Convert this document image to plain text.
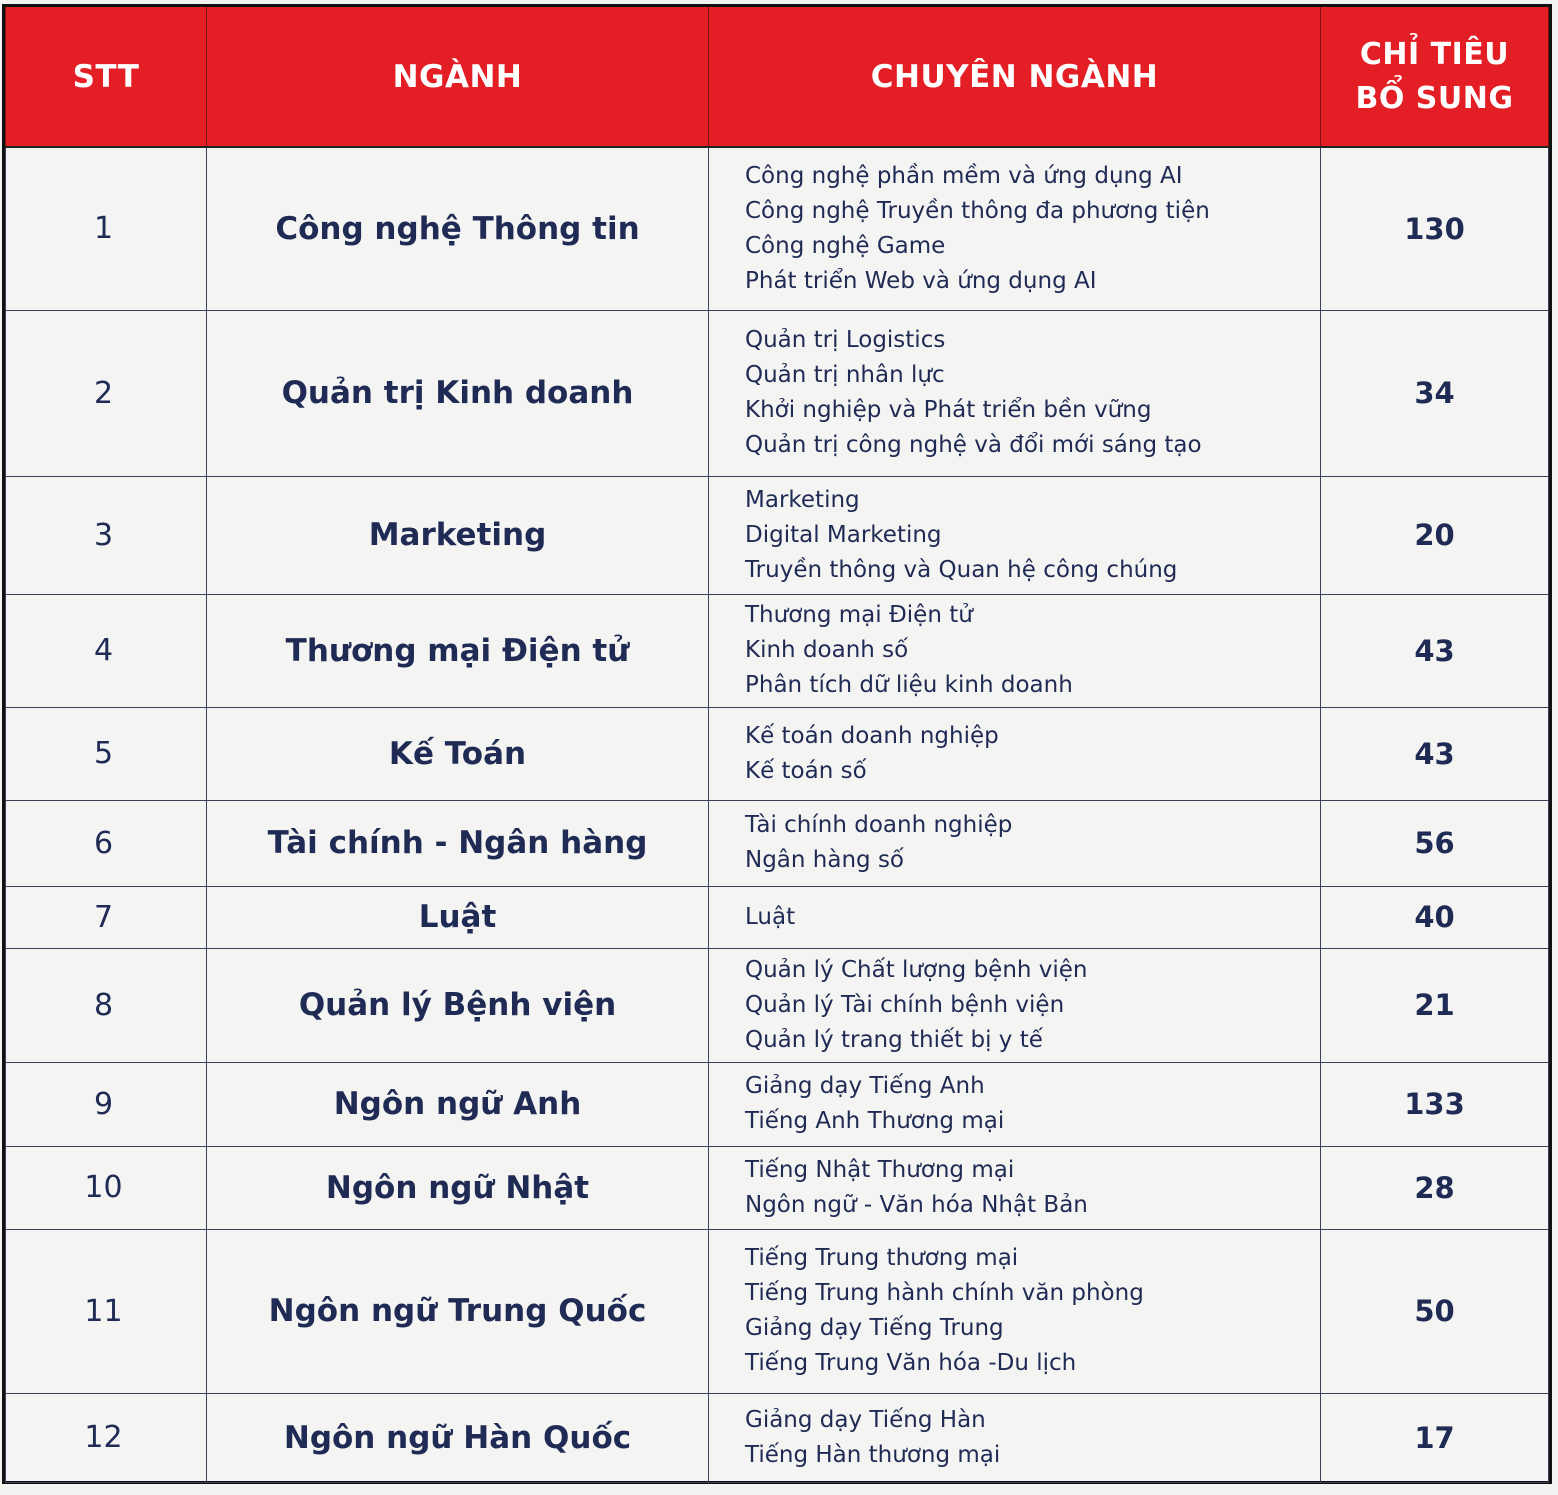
STT	NGÀNH	CHUYÊN NGÀNH	CHỈ TIÊU
BỔ SUNG
1	Công nghệ Thông tin	Công nghệ phần mềm và ứng dụng AI
Công nghệ Truyền thông đa phương tiện
Công nghệ Game
Phát triển Web và ứng dụng AI	130
2	Quản trị Kinh doanh	Quản trị Logistics
Quản trị nhân lực
Khởi nghiệp và Phát triển bền vững
Quản trị công nghệ và đổi mới sáng tạo	34
3	Marketing	Marketing
Digital Marketing
Truyền thông và Quan hệ công chúng	20
4	Thương mại Điện tử	Thương mại Điện tử
Kinh doanh số
Phân tích dữ liệu kinh doanh	43
5	Kế Toán	Kế toán doanh nghiệp
Kế toán số	43
6	Tài chính - Ngân hàng	Tài chính doanh nghiệp
Ngân hàng số	56
7	Luật	Luật	40
8	Quản lý Bệnh viện	Quản lý Chất lượng bệnh viện
Quản lý Tài chính bệnh viện
Quản lý trang thiết bị y tế	21
9	Ngôn ngữ Anh	Giảng dạy Tiếng Anh
Tiếng Anh Thương mại	133
10	Ngôn ngữ Nhật	Tiếng Nhật Thương mại
Ngôn ngữ - Văn hóa Nhật Bản	28
11	Ngôn ngữ Trung Quốc	Tiếng Trung thương mại
Tiếng Trung hành chính văn phòng
Giảng dạy Tiếng Trung
Tiếng Trung Văn hóa -Du lịch	50
12	Ngôn ngữ Hàn Quốc	Giảng dạy Tiếng Hàn
Tiếng Hàn thương mại	17
